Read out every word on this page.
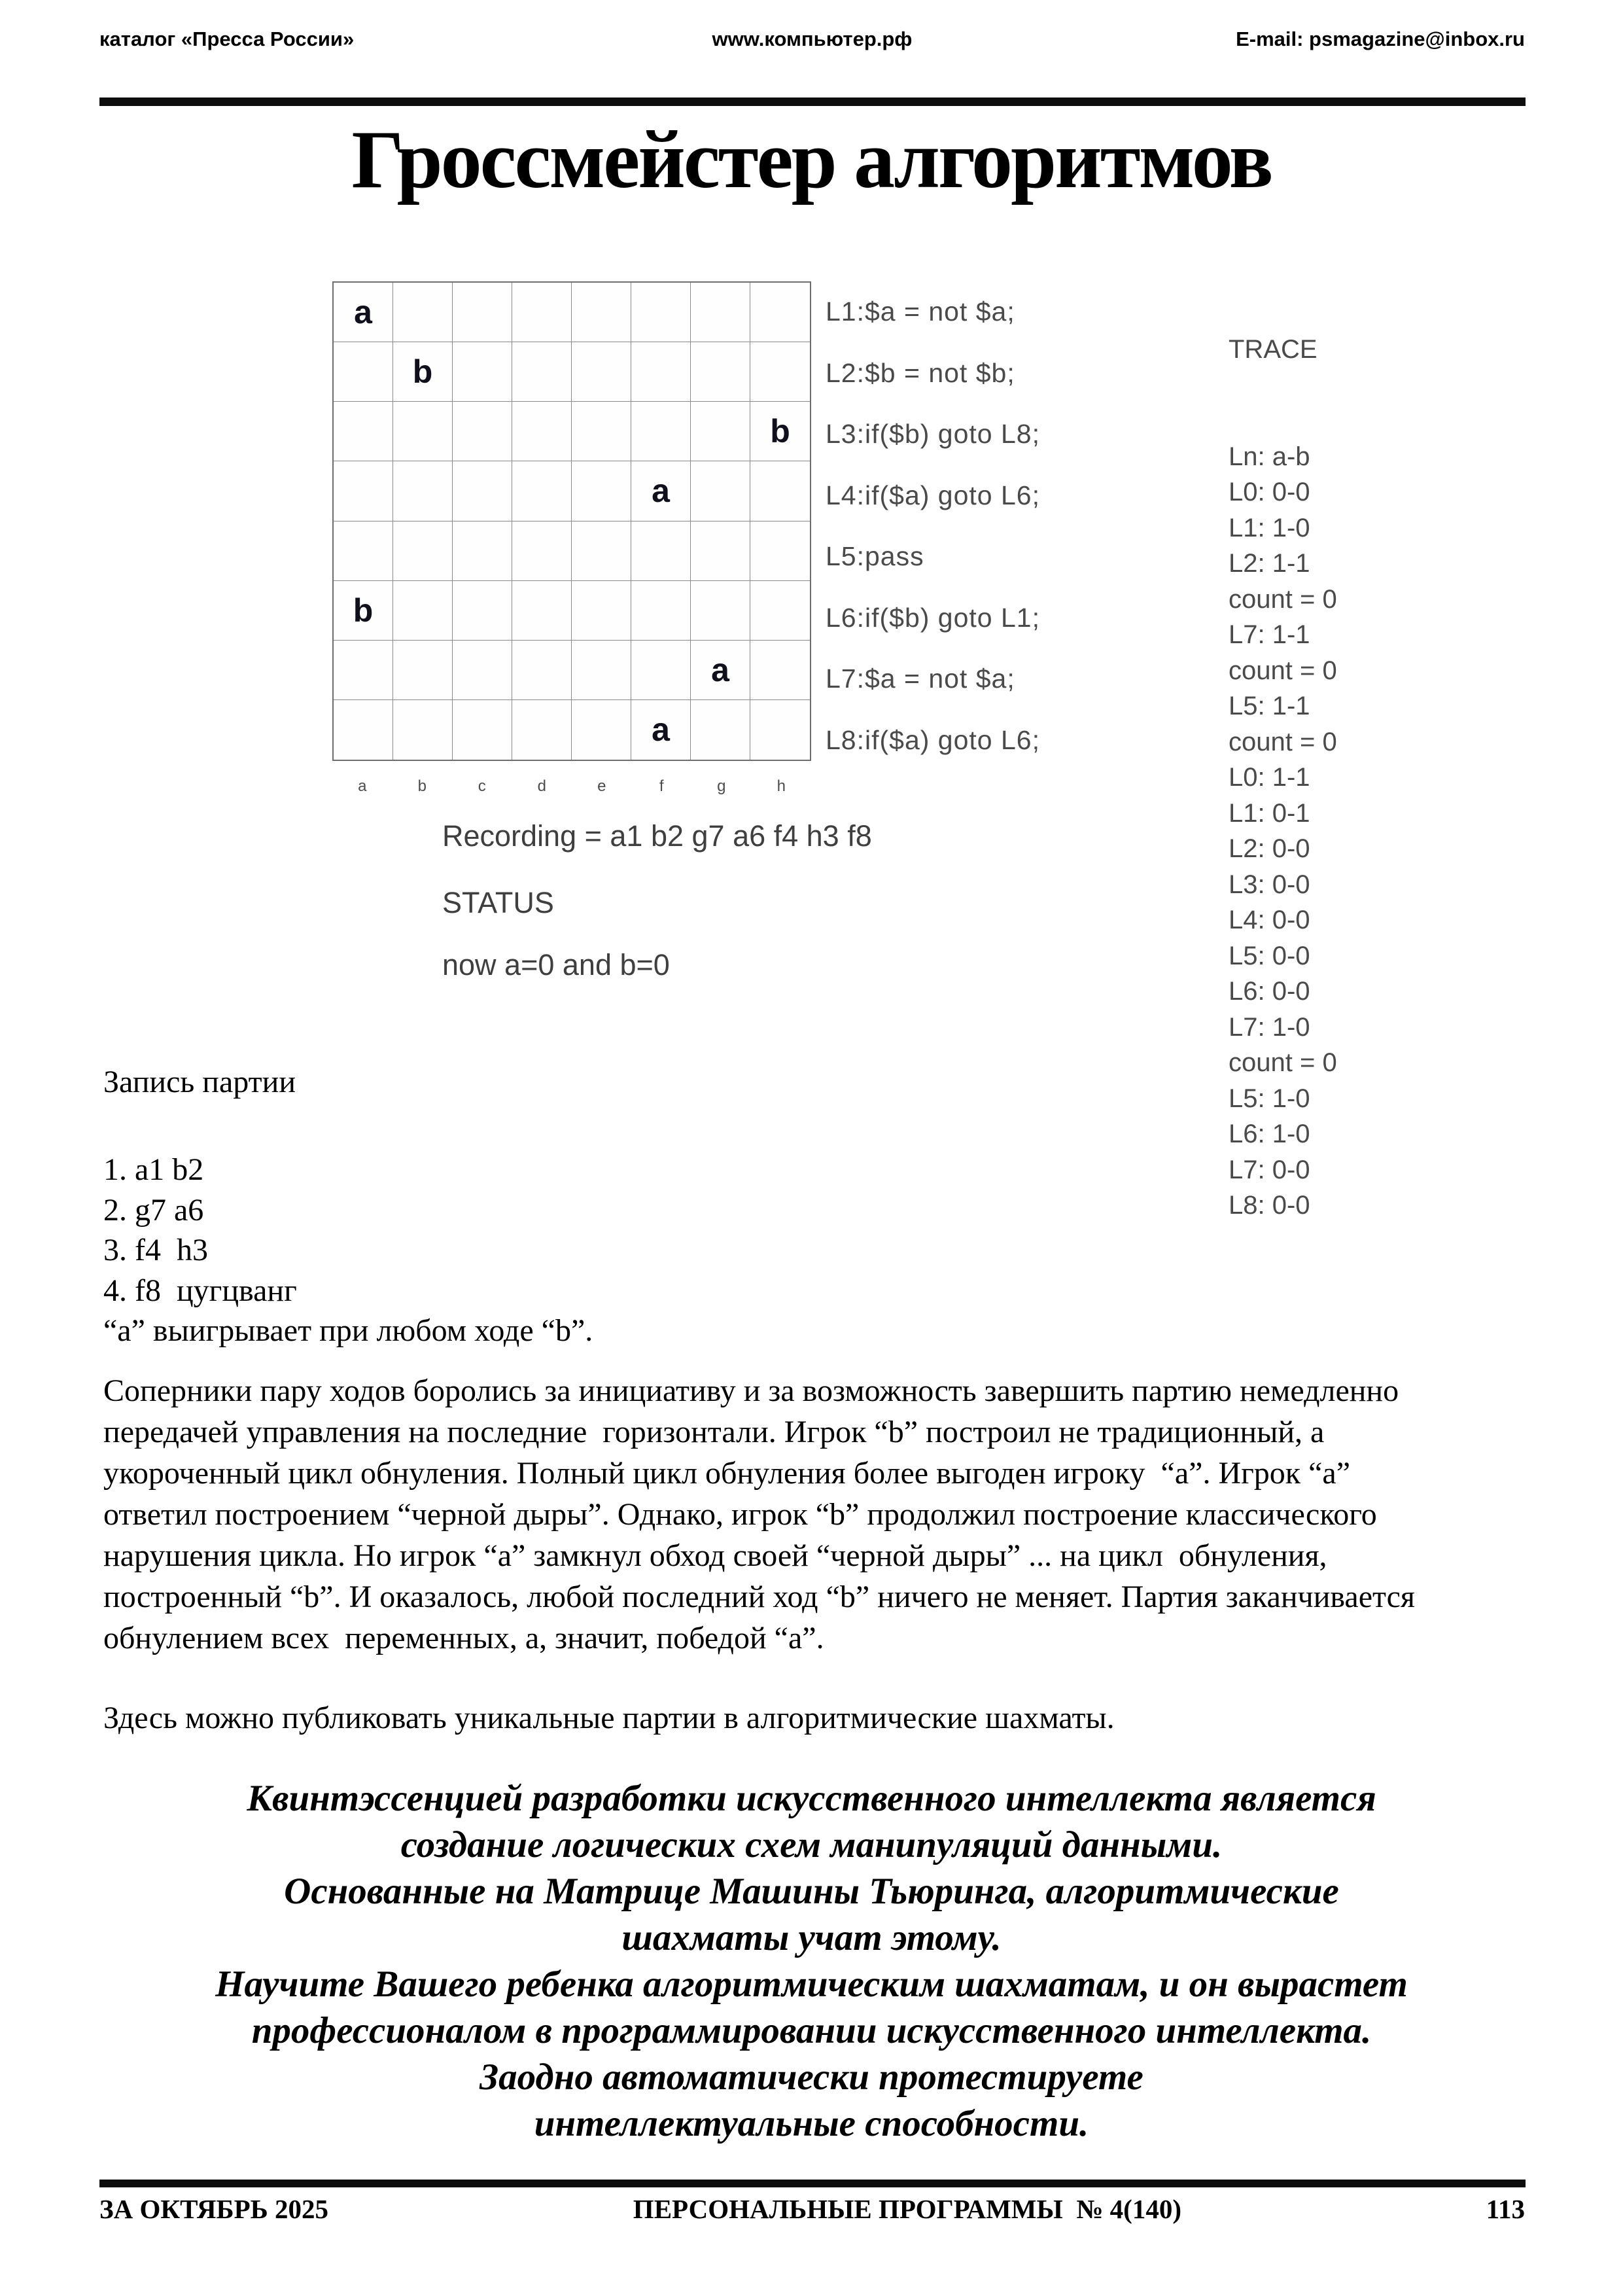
каталог «Пресса России»	www.компьютер.рф	E-mail: psmagazine@inbox.ru
Гроссмейстер алгоритмов
a
b
b
a
b
a
a
a	b	c	d	e	f	g	h
L1:$a = not $a;
L2:$b = not $b;
L3:if($b) goto L8;
L4:if($a) goto L6;
L5:pass
L6:if($b) goto L1;
L7:$a = not $a;
L8:if($a) goto L6;

TRACE

Ln: a-b
L0: 0-0
L1: 1-0
L2: 1-1
count = 0
L7: 1-1
count = 0
L5: 1-1
count = 0
L0: 1-1
L1: 0-1
L2: 0-0
L3: 0-0
L4: 0-0
L5: 0-0
L6: 0-0
L7: 1-0
count = 0
L5: 1-0
L6: 1-0
L7: 0-0
L8: 0-0

Recording = a1 b2 g7 a6 f4 h3 f8
STATUS
now a=0 and b=0
Запись партии
1. a1 b2
2. g7 a6
3. f4  h3
4. f8  цугцванг
“a” выигрывает при любом ходе “b”.
Соперники пару ходов боролись за инициативу и за возможность завершить партию немедленно
передачей управления на последние  горизонтали. Игрок “b” построил не традиционный, а
укороченный цикл обнуления. Полный цикл обнуления более выгоден игроку  “a”. Игрок “a”
ответил построением “черной дыры”. Однако, игрок “b” продолжил построение классического
нарушения цикла. Но игрок “a” замкнул обход своей “черной дыры” ... на цикл  обнуления,
построенный “b”. И оказалось, любой последний ход “b” ничего не меняет. Партия заканчивается
обнулением всех  переменных, а, значит, победой “a”.
Здесь можно публиковать уникальные партии в алгоритмические шахматы.
Квинтэссенцией разработки искусственного интеллекта является
создание логических схем манипуляций данными.
Основанные на Матрице Машины Тьюринга, алгоритмические
шахматы учат этому.
Научите Вашего ребенка алгоритмическим шахматам, и он вырастет
профессионалом в программировании искусственного интеллекта.
Заодно автоматически протестируете
интеллектуальные способности.
ЗА ОКТЯБРЬ 2025	ПЕРСОНАЛЬНЫЕ ПРОГРАММЫ  № 4(140)	113
